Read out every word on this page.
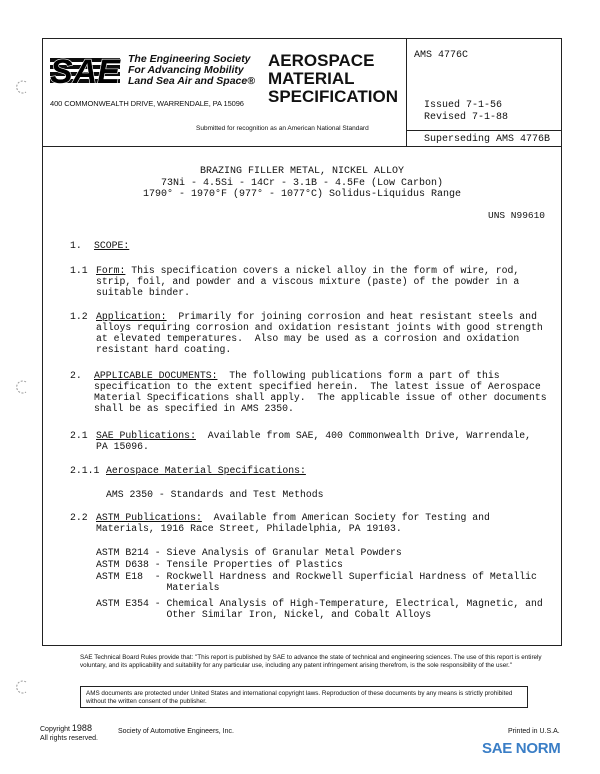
SAE The Engineering Society
For Advancing Mobility
Land Sea Air and Space®
400 COMMONWEALTH DRIVE, WARRENDALE, PA 15096
AEROSPACE
MATERIAL
SPECIFICATION
Submitted for recognition as an American National Standard
AMS 4776C
Issued 7-1-56
Revised 7-1-88
Superseding AMS 4776B
BRAZING FILLER METAL, NICKEL ALLOY
73Ni - 4.5Si - 14Cr - 3.1B - 4.5Fe (Low Carbon)
1790° - 1970°F (977° - 1077°C) Solidus-Liquidus Range
UNS N99610
1. SCOPE:
1.1 Form: This specification covers a nickel alloy in the form of wire, rod,
strip, foil, and powder and a viscous mixture (paste) of the powder in a
suitable binder.
1.2 Application:  Primarily for joining corrosion and heat resistant steels and
alloys requiring corrosion and oxidation resistant joints with good strength
at elevated temperatures.  Also may be used as a corrosion and oxidation
resistant hard coating.
2. APPLICABLE DOCUMENTS:  The following publications form a part of this
specification to the extent specified herein.  The latest issue of Aerospace
Material Specifications shall apply.  The applicable issue of other documents
shall be as specified in AMS 2350.
2.1 SAE Publications:  Available from SAE, 400 Commonwealth Drive, Warrendale,
PA 15096.
2.1.1 Aerospace Material Specifications:
AMS 2350 - Standards and Test Methods
2.2 ASTM Publications:  Available from American Society for Testing and
Materials, 1916 Race Street, Philadelphia, PA 19103.
ASTM B214 - Sieve Analysis of Granular Metal Powders
ASTM D638 - Tensile Properties of Plastics
ASTM E18  - Rockwell Hardness and Rockwell Superficial Hardness of Metallic
Materials
ASTM E354 - Chemical Analysis of High-Temperature, Electrical, Magnetic, and
Other Similar Iron, Nickel, and Cobalt Alloys
SAE Technical Board Rules provide that: "This report is published by SAE to advance the state of technical and engineering sciences. The use of this report is entirely voluntary, and its applicability and suitability for any particular use, including any patent infringement arising therefrom, is the sole responsibility of the user."
AMS documents are protected under United States and international copyright laws. Reproduction of these documents by any means is strictly prohibited without the written consent of the publisher.
Copyright 1988
All rights reserved.
Society of Automotive Engineers, Inc.	Printed in U.S.A.
SAE NORM
